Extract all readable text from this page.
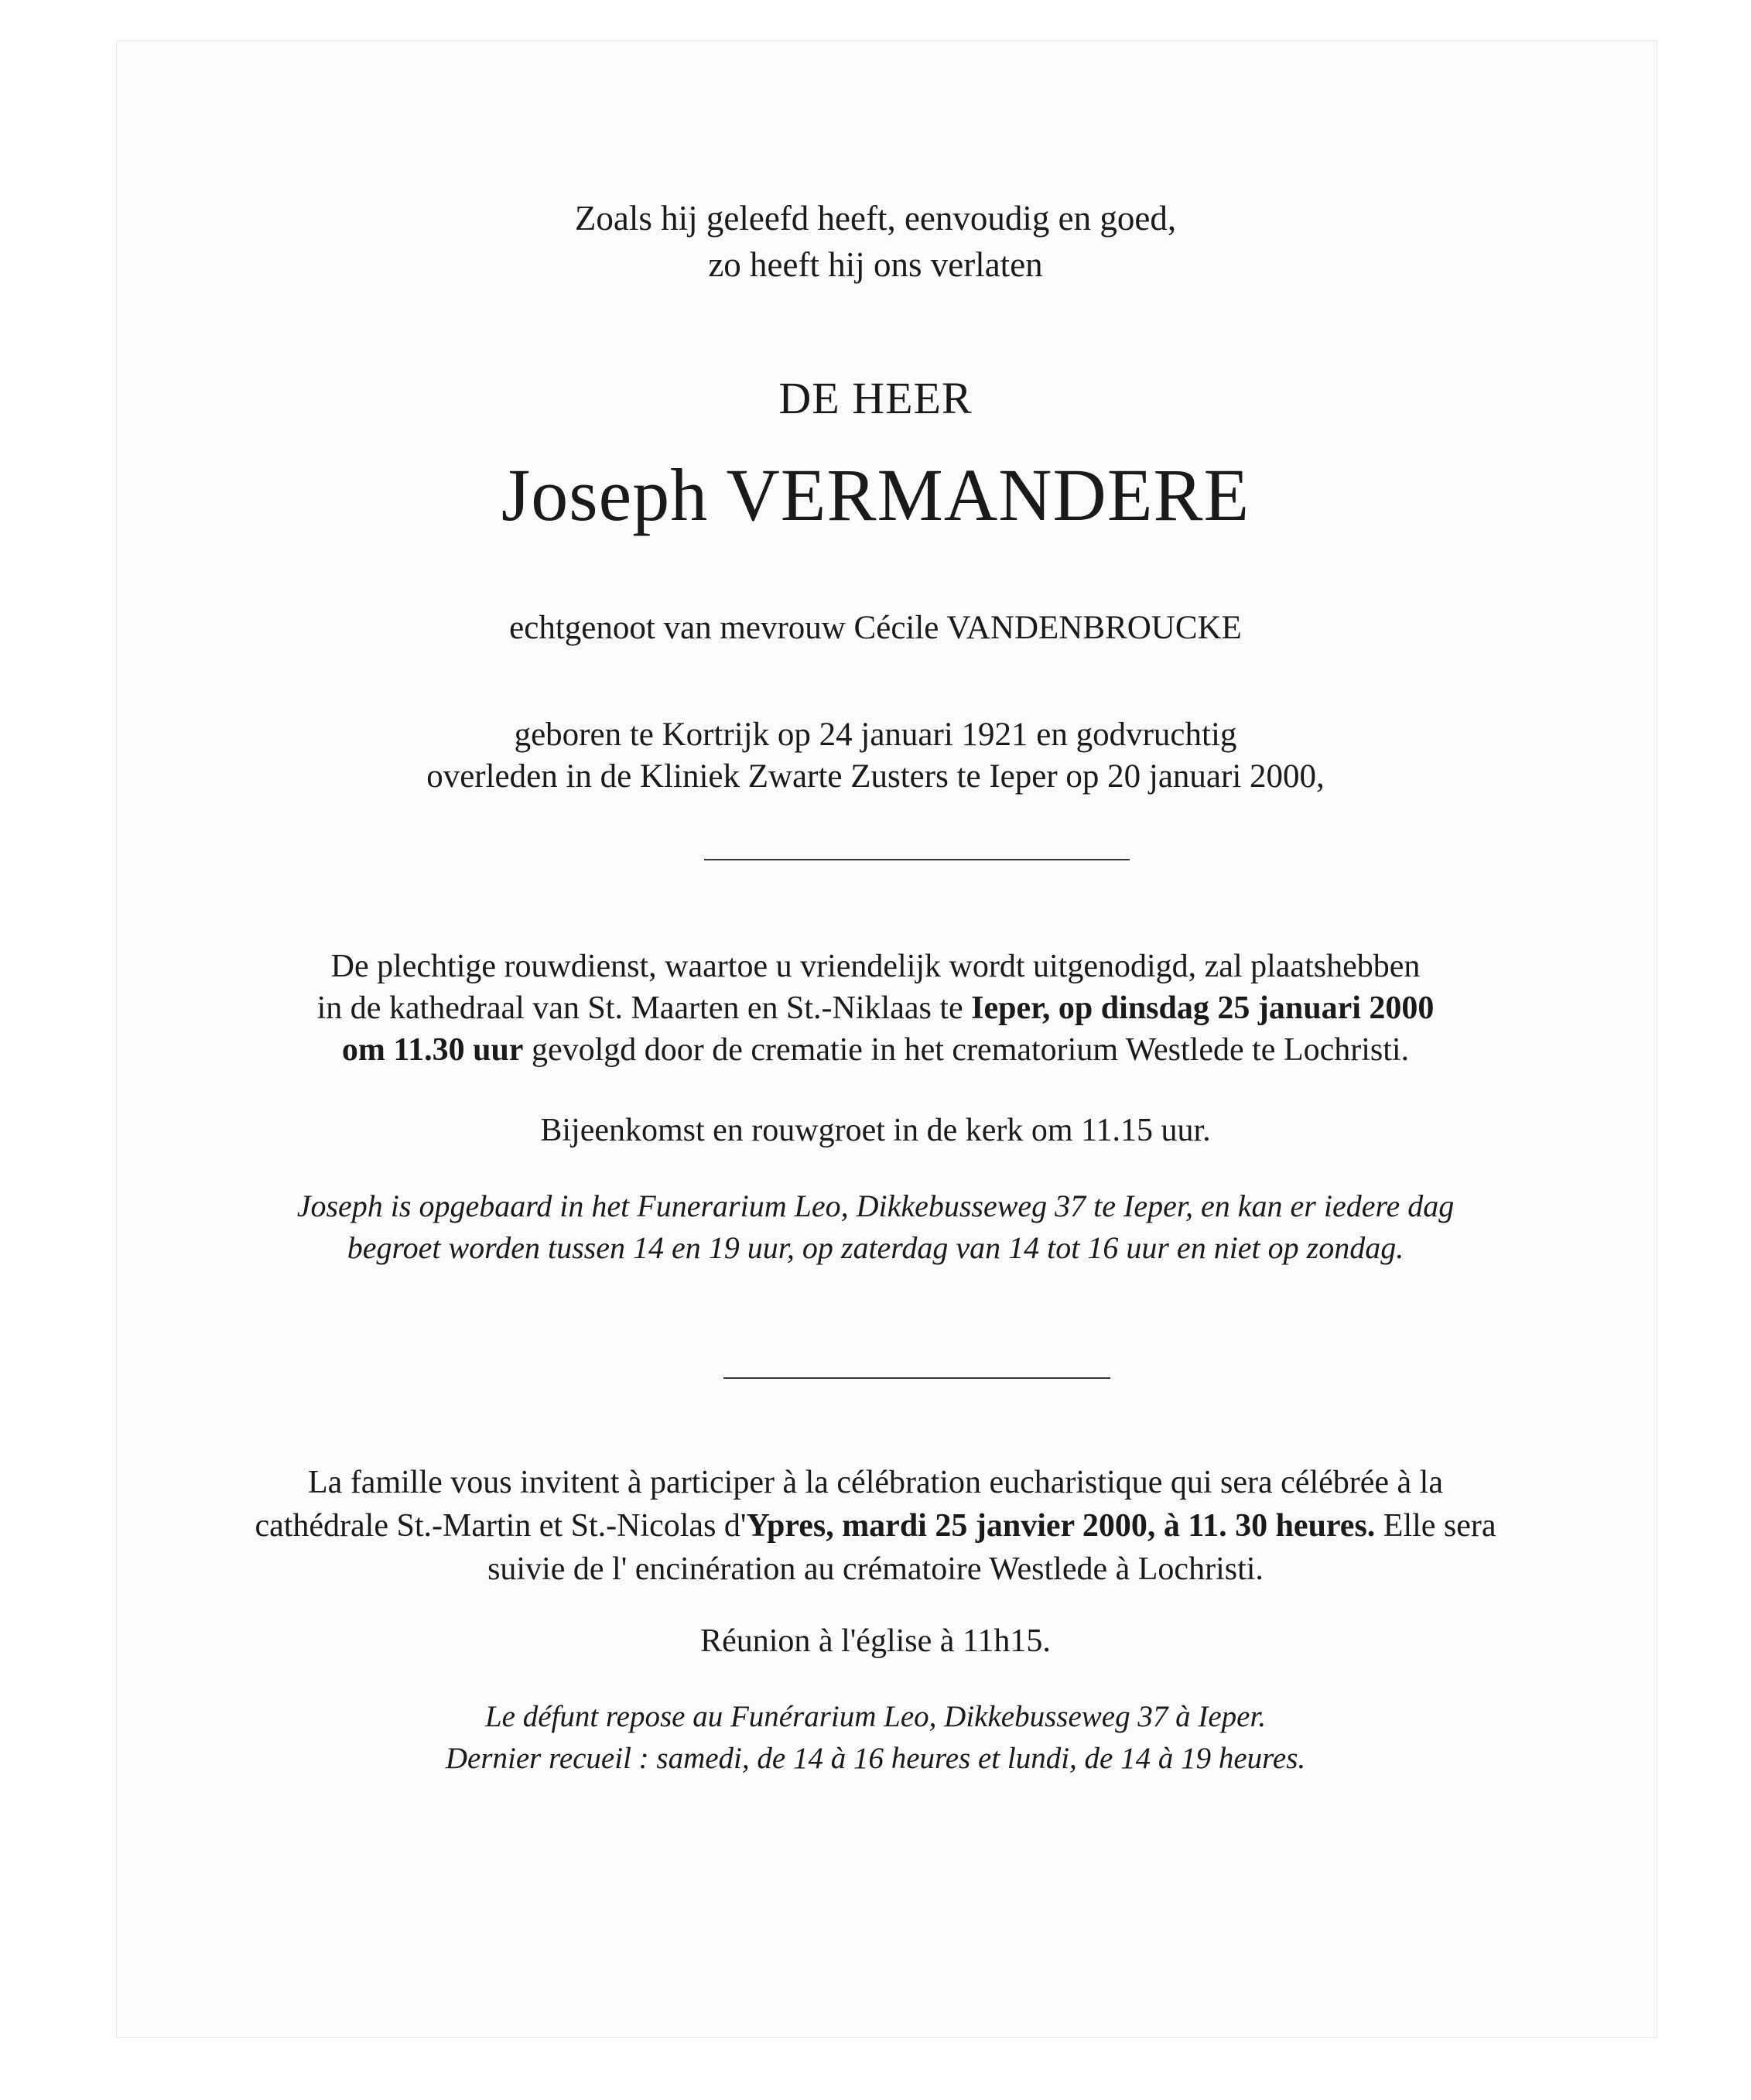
Zoals hij geleefd heeft, eenvoudig en goed,
zo heeft hij ons verlaten
DE HEER
Joseph VERMANDERE
echtgenoot van mevrouw Cécile VANDENBROUCKE
geboren te Kortrijk op 24 januari 1921 en godvruchtig
overleden in de Kliniek Zwarte Zusters te Ieper op 20 januari 2000,
De plechtige rouwdienst, waartoe u vriendelijk wordt uitgenodigd, zal plaatshebben
in de kathedraal van St. Maarten en St.-Niklaas te Ieper, op dinsdag 25 januari 2000
om 11.30 uur gevolgd door de crematie in het crematorium Westlede te Lochristi.
Bijeenkomst en rouwgroet in de kerk om 11.15 uur.
Joseph is opgebaard in het Funerarium Leo, Dikkebusseweg 37 te Ieper, en kan er iedere dag
begroet worden tussen 14 en 19 uur, op zaterdag van 14 tot 16 uur en niet op zondag.
La famille vous invitent à participer à la célébration eucharistique qui sera célébrée à la
cathédrale St.-Martin et St.-Nicolas d'Ypres, mardi 25 janvier 2000, à 11. 30 heures. Elle sera
suivie de l' encinération au crématoire Westlede à Lochristi.
Réunion à l'église à 11h15.
Le défunt repose au Funérarium Leo, Dikkebusseweg 37 à Ieper.
Dernier recueil : samedi, de 14 à 16 heures et lundi, de 14 à 19 heures.
